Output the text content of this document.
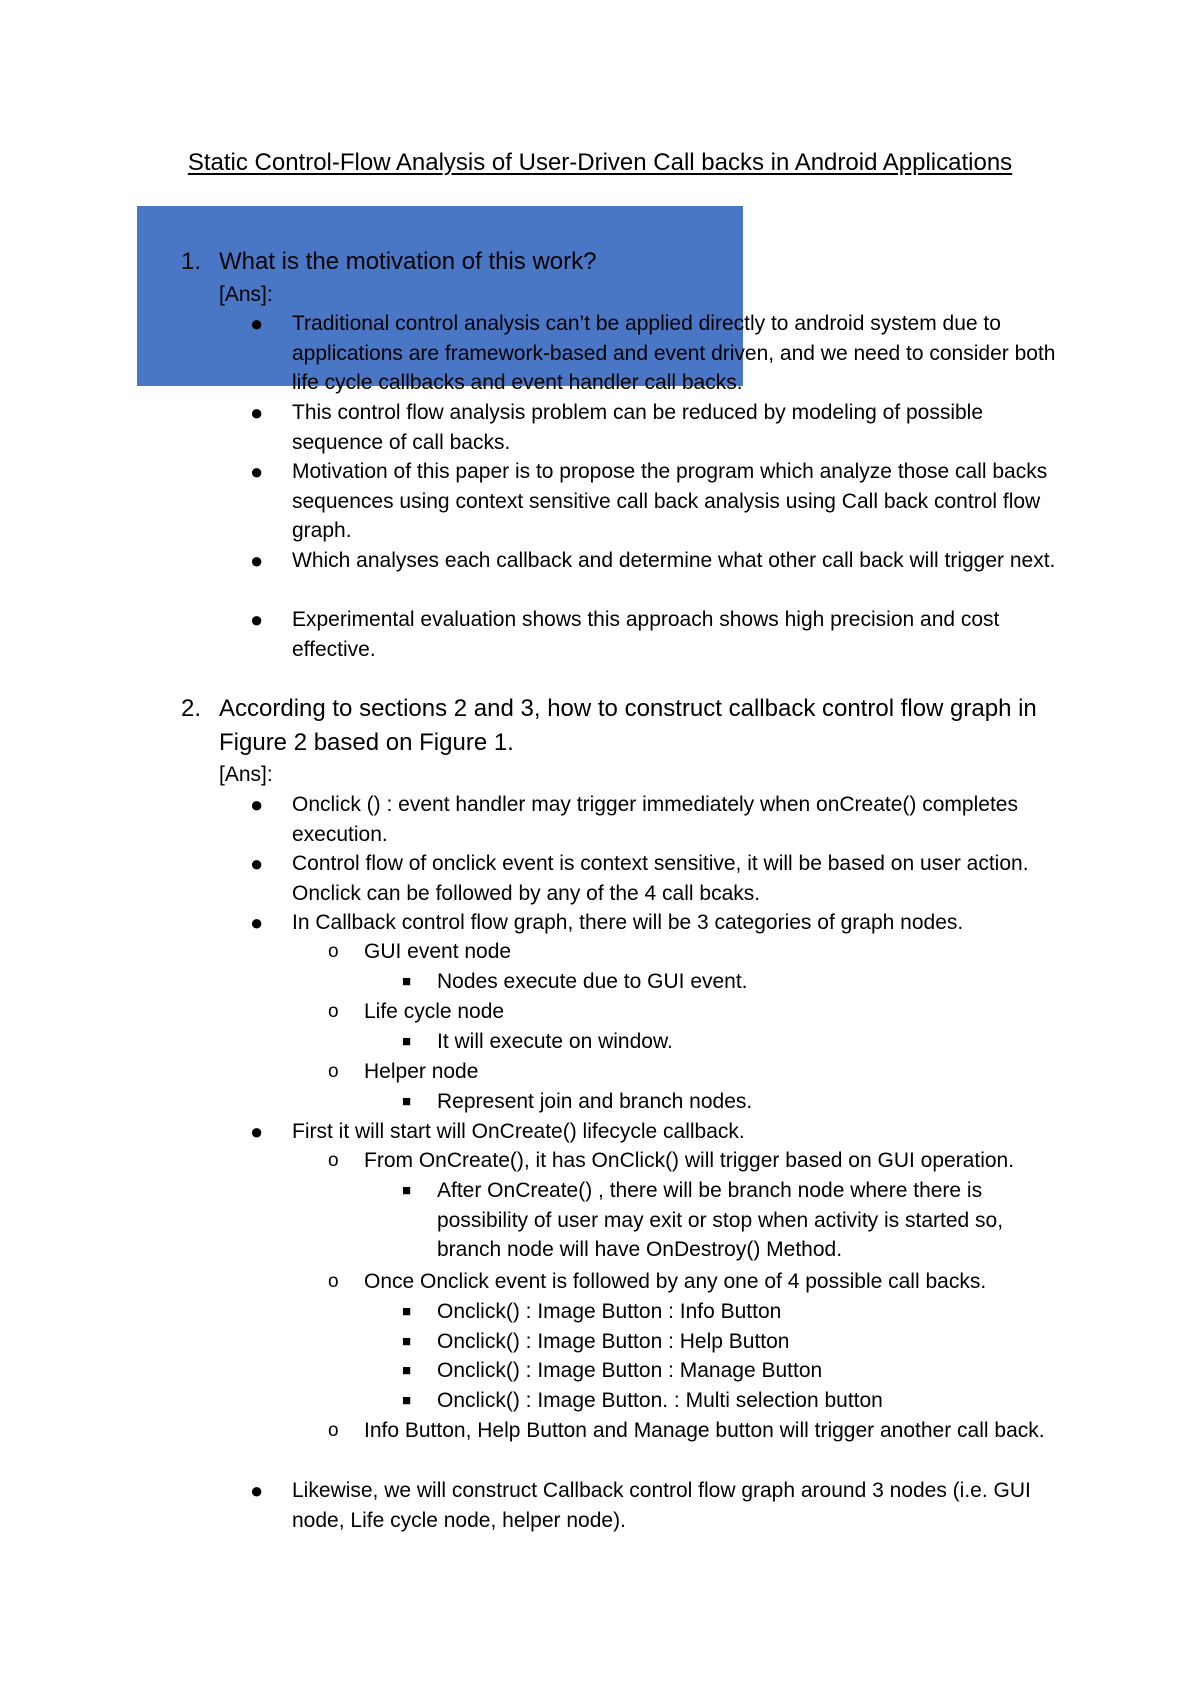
Static Control-Flow Analysis of User-Driven Call backs in Android Applications
1. What is the motivation of this work?
[Ans]:
● Traditional control analysis can’t be applied directly to android system due to applications are framework-based and event driven, and we need to consider both life cycle callbacks and event handler call backs.
● This control flow analysis problem can be reduced by modeling of possible sequence of call backs.
● Motivation of this paper is to propose the program which analyze those call backs sequences using context sensitive call back analysis using Call back control flow graph.
● Which analyses each callback and determine what other call back will trigger next.
● Experimental evaluation shows this approach shows high precision and cost effective.
2. According to sections 2 and 3, how to construct callback control flow graph in Figure 2 based on Figure 1.
[Ans]:
● Onclick () : event handler may trigger immediately when onCreate() completes execution.
● Control flow of onclick event is context sensitive, it will be based on user action. Onclick can be followed by any of the 4 call bcaks.
● In Callback control flow graph, there will be 3 categories of graph nodes.
o GUI event node
■ Nodes execute due to GUI event.
o Life cycle node
■ It will execute on window.
o Helper node
■ Represent join and branch nodes.
● First it will start will OnCreate() lifecycle callback.
o From OnCreate(), it has OnClick() will trigger based on GUI operation.
■ After OnCreate() , there will be branch node where there is possibility of user may exit or stop when activity is started so, branch node will have OnDestroy() Method.
o Once Onclick event is followed by any one of 4 possible call backs.
■ Onclick() : Image Button : Info Button
■ Onclick() : Image Button : Help Button
■ Onclick() : Image Button : Manage Button
■ Onclick() : Image Button. : Multi selection button
o Info Button, Help Button and Manage button will trigger another call back.
● Likewise, we will construct Callback control flow graph around 3 nodes (i.e. GUI node, Life cycle node, helper node).
